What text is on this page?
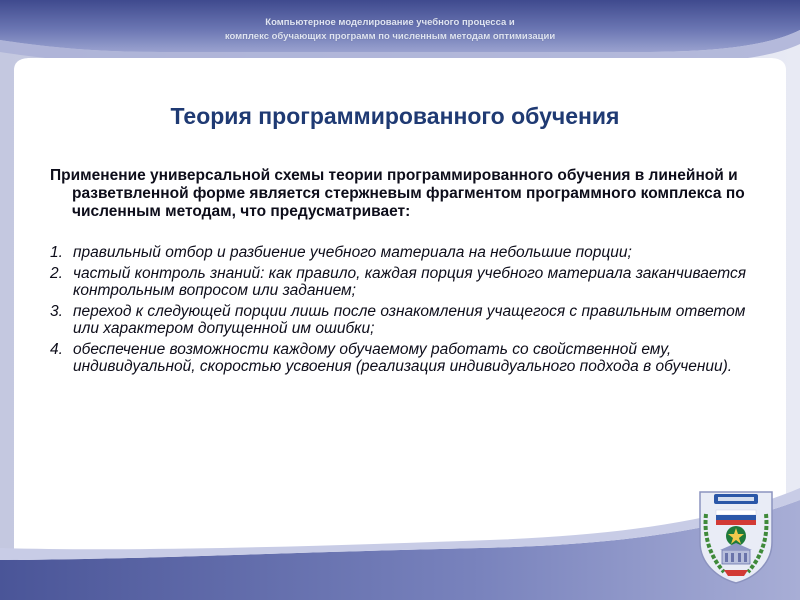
Компьютерное моделирование учебного процесса и
комплекс обучающих программ по численным методам оптимизации
Теория программированного обучения
Применение универсальной схемы теории программированного обучения в линейной и разветвленной форме является стержневым фрагментом программного комплекса по численным методам, что предусматривает:
1. правильный отбор и разбиение учебного материала на небольшие порции;
2. частый контроль знаний: как правило, каждая порция учебного материала заканчивается контрольным вопросом или заданием;
3. переход к следующей порции лишь после ознакомления учащегося с правильным ответом или характером допущенной им ошибки;
4. обеспечение возможности каждому обучаемому работать со свойственной ему, индивидуальной, скоростью усвоения (реализация индивидуального подхода в обучении).
